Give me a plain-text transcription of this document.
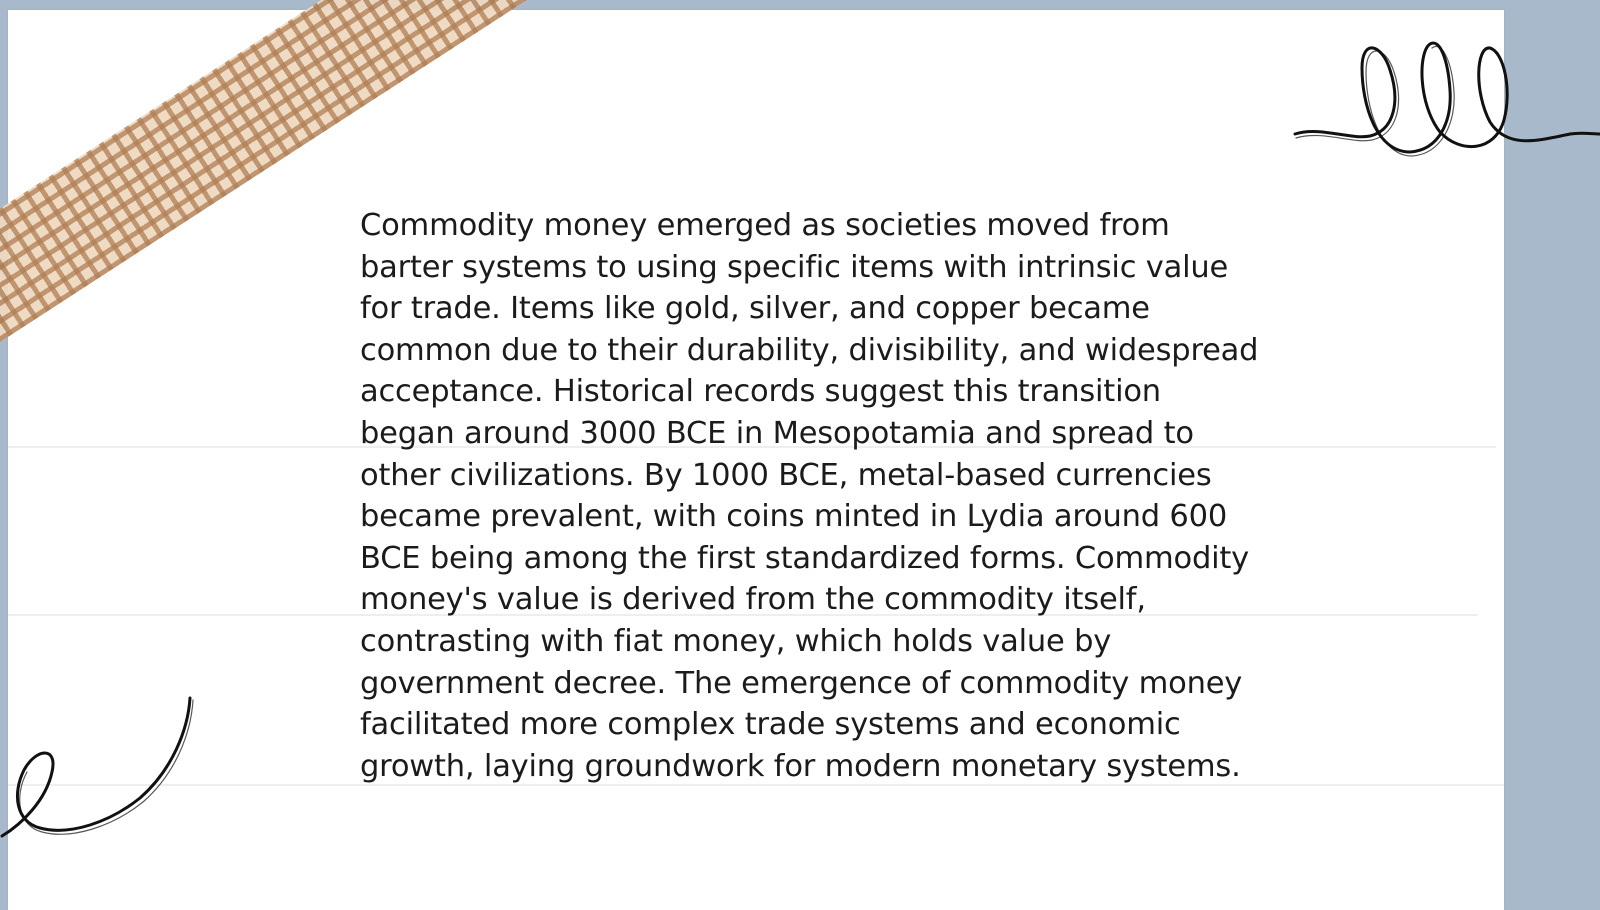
Commodity money emerged as societies moved from barter systems to using specific items with intrinsic value for trade. Items like gold, silver, and copper became common due to their durability, divisibility, and widespread acceptance. Historical records suggest this transition began around 3000 BCE in Mesopotamia and spread to other civilizations. By 1000 BCE, metal-based currencies became prevalent, with coins minted in Lydia around 600 BCE being among the first standardized forms. Commodity money's value is derived from the commodity itself, contrasting with fiat money, which holds value by government decree. The emergence of commodity money facilitated more complex trade systems and economic growth, laying groundwork for modern monetary systems.
